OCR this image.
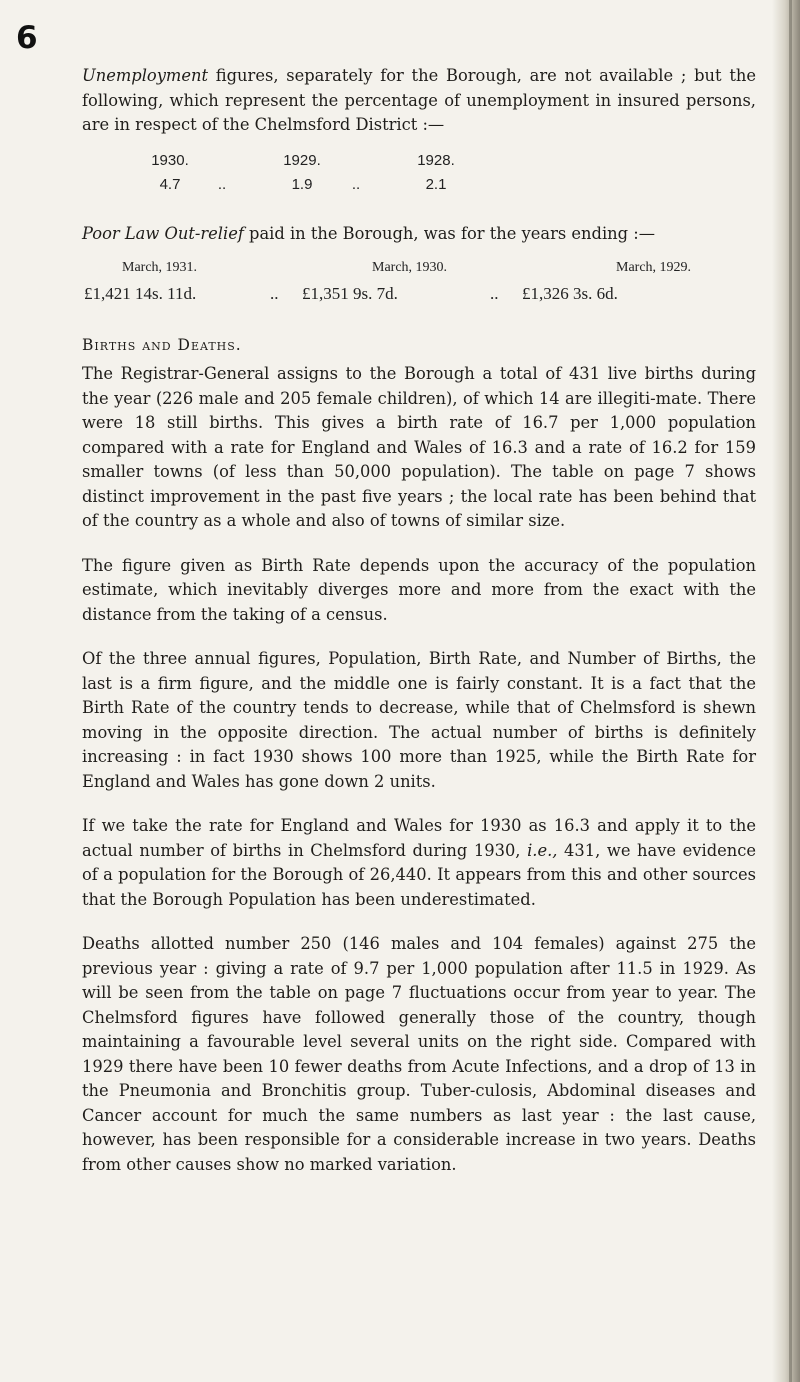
6

Unemployment figures, separately for the Borough, are not available ; but the following, which represent the percentage of unemployment in insured persons, are in respect of the Chelmsford District :—

1930.	1929.	1928.
4.7	..	1.9	..	2.1

Poor Law Out-relief paid in the Borough, was for the years ending :—

March, 1931.	March, 1930.	March, 1929.
£1,421 14s. 11d.	.. £1,351 9s. 7d.	.. £1,326 3s. 6d.
Births and Deaths.

The Registrar-General assigns to the Borough a total of 431 live births during the year (226 male and 205 female children), of which 14 are illegiti-mate. There were 18 still births. This gives a birth rate of 16.7 per 1,000 population compared with a rate for England and Wales of 16.3 and a rate of 16.2 for 159 smaller towns (of less than 50,000 population). The table on page 7 shows distinct improvement in the past five years ; the local rate has been behind that of the country as a whole and also of towns of similar size.

The figure given as Birth Rate depends upon the accuracy of the population estimate, which inevitably diverges more and more from the exact with the distance from the taking of a census.

Of the three annual figures, Population, Birth Rate, and Number of Births, the last is a firm figure, and the middle one is fairly constant. It is a fact that the Birth Rate of the country tends to decrease, while that of Chelmsford is shewn moving in the opposite direction. The actual number of births is definitely increasing : in fact 1930 shows 100 more than 1925, while the Birth Rate for England and Wales has gone down 2 units.

If we take the rate for England and Wales for 1930 as 16.3 and apply it to the actual number of births in Chelmsford during 1930, i.e., 431, we have evidence of a population for the Borough of 26,440. It appears from this and other sources that the Borough Population has been underestimated.

Deaths allotted number 250 (146 males and 104 females) against 275 the previous year : giving a rate of 9.7 per 1,000 population after 11.5 in 1929. As will be seen from the table on page 7 fluctuations occur from year to year. The Chelmsford figures have followed generally those of the country, though maintaining a favourable level several units on the right side. Compared with 1929 there have been 10 fewer deaths from Acute Infections, and a drop of 13 in the Pneumonia and Bronchitis group. Tuber-culosis, Abdominal diseases and Cancer account for much the same numbers as last year : the last cause, however, has been responsible for a considerable increase in two years. Deaths from other causes show no marked variation.
